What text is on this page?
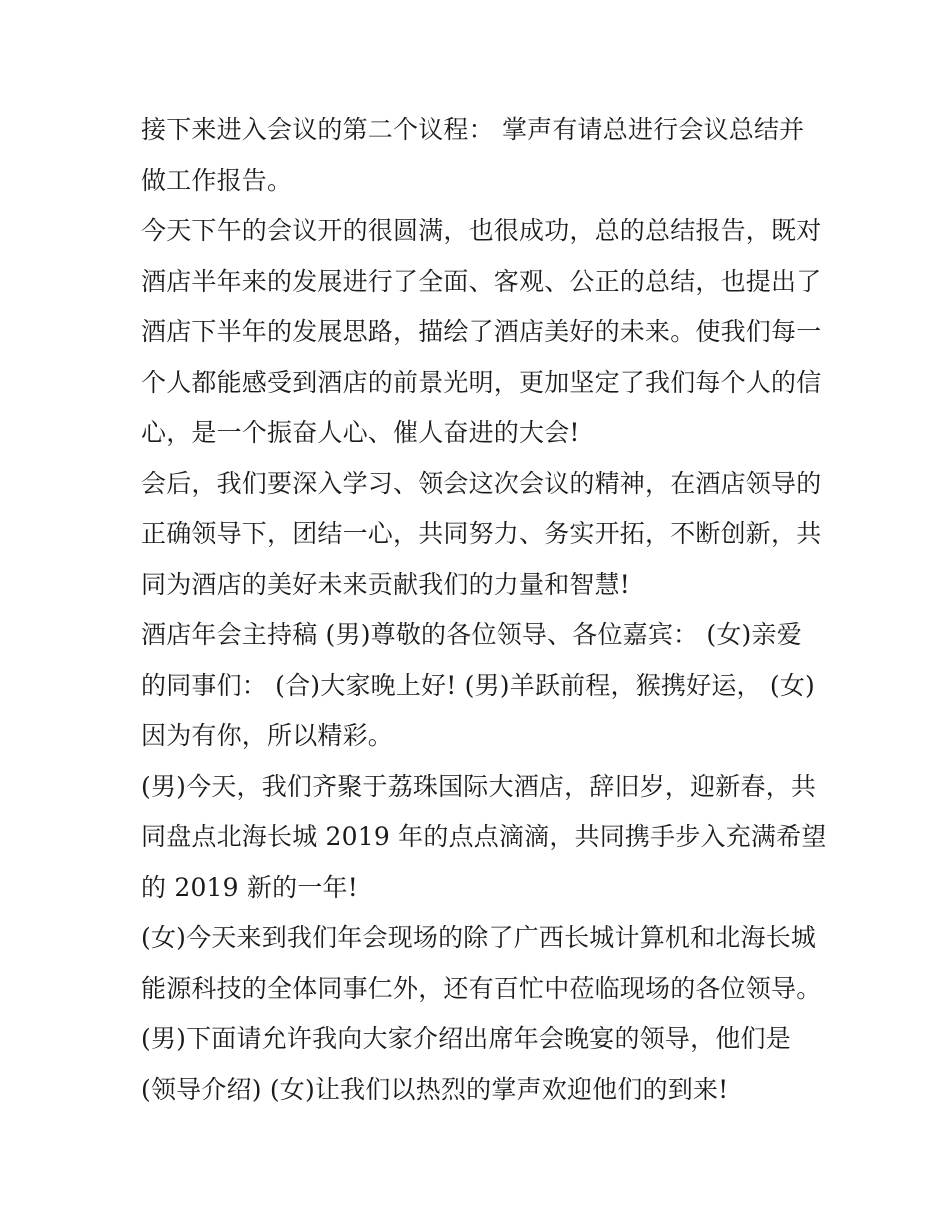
接下来进入会议的第二个议程： 掌声有请总进行会议总结并
做工作报告。
今天下午的会议开的很圆满，也很成功，总的总结报告，既对
酒店半年来的发展进行了全面、客观、公正的总结，也提出了
酒店下半年的发展思路，描绘了酒店美好的未来。使我们每一
个人都能感受到酒店的前景光明，更加坚定了我们每个人的信
心，是一个振奋人心、催人奋进的大会!
会后，我们要深入学习、领会这次会议的精神，在酒店领导的
正确领导下，团结一心，共同努力、务实开拓，不断创新，共
同为酒店的美好未来贡献我们的力量和智慧!
酒店年会主持稿 (男)尊敬的各位领导、各位嘉宾： (女)亲爱
的同事们： (合)大家晚上好! (男)羊跃前程，猴携好运， (女)
因为有你，所以精彩。
(男)今天，我们齐聚于荔珠国际大酒店，辞旧岁，迎新春，共
同盘点北海长城 2019 年的点点滴滴，共同携手步入充满希望
的 2019 新的一年!
(女)今天来到我们年会现场的除了广西长城计算机和北海长城
能源科技的全体同事仁外，还有百忙中莅临现场的各位领导。
(男)下面请允许我向大家介绍出席年会晚宴的领导，他们是
(领导介绍) (女)让我们以热烈的掌声欢迎他们的到来!
